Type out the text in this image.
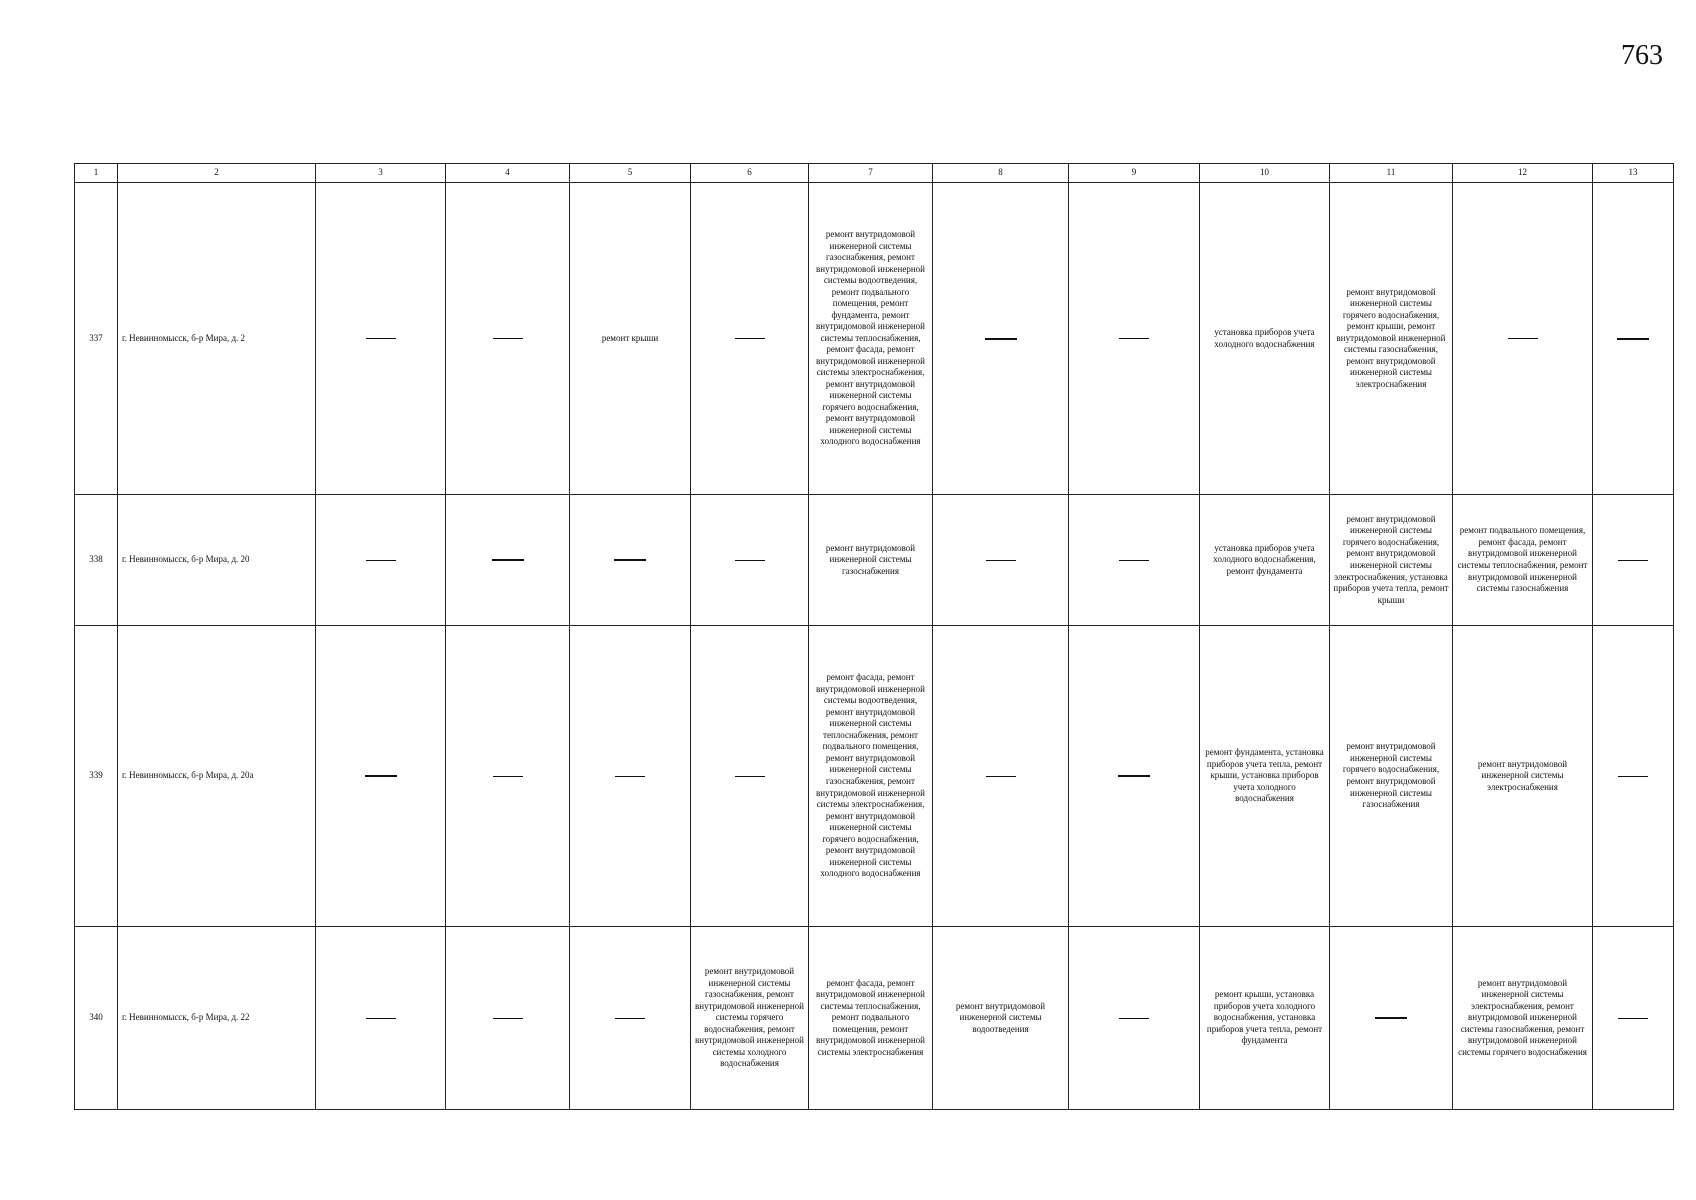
763
1	2	3	4	5	6	7	8	9	10	11	12	13
337	г. Невинномысск, б-р Мира, д. 2			ремонт крыши		ремонт внутридомовой инженерной системы газоснабжения, ремонт внутридомовой инженерной системы водоотведения, ремонт подвального помещения, ремонт фундамента, ремонт внутридомовой инженерной системы теплоснабжения, ремонт фасада, ремонт внутридомовой инженерной системы электроснабжения, ремонт внутридомовой инженерной системы горячего водоснабжения, ремонт внутридомовой инженерной системы холодного водоснабжения			установка приборов учета холодного водоснабжения	ремонт внутридомовой инженерной системы горячего водоснабжения, ремонт крыши, ремонт внутридомовой инженерной системы газоснабжения, ремонт внутридомовой инженерной системы электроснабжения		
338	г. Невинномысск, б-р Мира, д. 20					ремонт внутридомовой инженерной системы газоснабжения			установка приборов учета холодного водоснабжения, ремонт фундамента	ремонт внутридомовой инженерной системы горячего водоснабжения, ремонт внутридомовой инженерной системы электроснабжения, установка приборов учета тепла, ремонт крыши	ремонт подвального помещения, ремонт фасада, ремонт внутридомовой инженерной системы теплоснабжения, ремонт внутридомовой инженерной системы газоснабжения	
339	г. Невинномысск, б-р Мира, д. 20а					ремонт фасада, ремонт внутридомовой инженерной системы водоотведения, ремонт внутридомовой инженерной системы теплоснабжения, ремонт подвального помещения, ремонт внутридомовой инженерной системы газоснабжения, ремонт внутридомовой инженерной системы электроснабжения, ремонт внутридомовой инженерной системы горячего водоснабжения, ремонт внутридомовой инженерной системы холодного водоснабжения			ремонт фундамента, установка приборов учета тепла, ремонт крыши, установка приборов учета холодного водоснабжения	ремонт внутридомовой инженерной системы горячего водоснабжения, ремонт внутридомовой инженерной системы газоснабжения	ремонт внутридомовой инженерной системы электроснабжения	
340	г. Невинномысск, б-р Мира, д. 22				ремонт внутридомовой инженерной системы газоснабжения, ремонт внутридомовой инженерной системы горячего водоснабжения, ремонт внутридомовой инженерной системы холодного водоснабжения	ремонт фасада, ремонт внутридомовой инженерной системы теплоснабжения, ремонт подвального помещения, ремонт внутридомовой инженерной системы электроснабжения	ремонт внутридомовой инженерной системы водоотведения		ремонт крыши, установка приборов учета холодного водоснабжения, установка приборов учета тепла, ремонт фундамента		ремонт внутридомовой инженерной системы электроснабжения, ремонт внутридомовой инженерной системы газоснабжения, ремонт внутридомовой инженерной системы горячего водоснабжения	
